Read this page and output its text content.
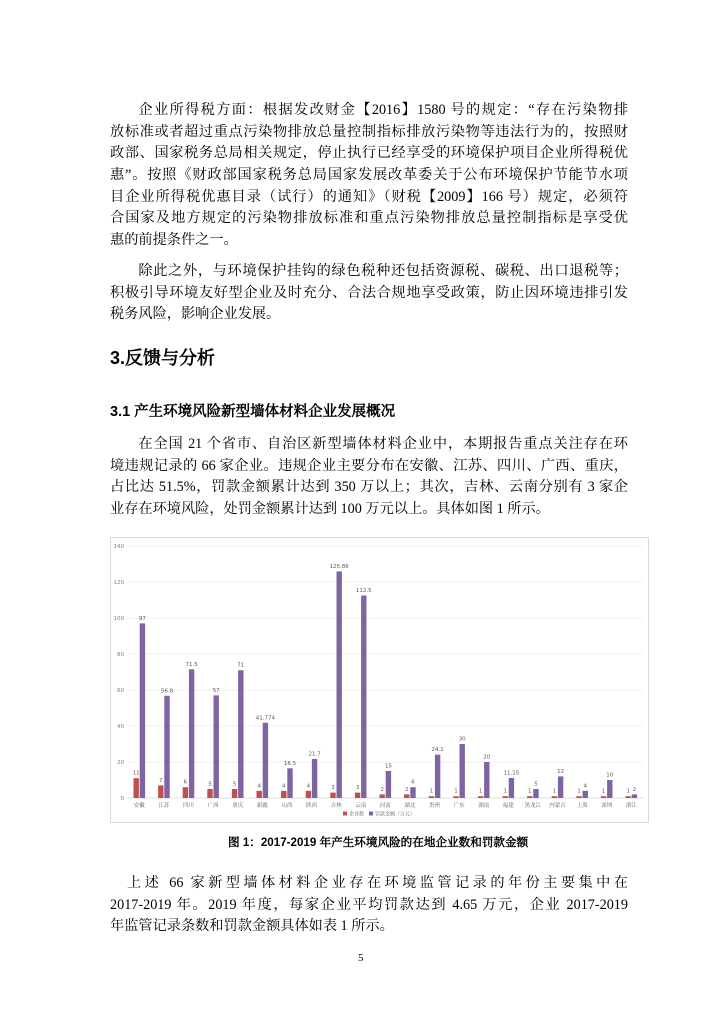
企业所得税方面：根据发改财金【2016】1580 号的规定：“存在污染物排
放标准或者超过重点污染物排放总量控制指标排放污染物等违法行为的，按照财
政部、国家税务总局相关规定，停止执行已经享受的环境保护项目企业所得税优
惠”。按照《财政部国家税务总局国家发展改革委关于公布环境保护节能节水项
目企业所得税优惠目录（试行）的通知》（财税【2009】166 号）规定，必须符
合国家及地方规定的污染物排放标准和重点污染物排放总量控制指标是享受优
惠的前提条件之一。
除此之外，与环境保护挂钩的绿色税种还包括资源税、碳税、出口退税等；
积极引导环境友好型企业及时充分、合法合规地享受政策，防止因环境违排引发
税务风险，影响企业发展。
3.反馈与分析
3.1 产生环境风险新型墙体材料企业发展概况
在全国 21 个省市、自治区新型墙体材料企业中，本期报告重点关注存在环
境违规记录的 66 家企业。违规企业主要分布在安徽、江苏、四川、广西、重庆，
占比达 51.5%，罚款金额累计达到 350 万以上；其次，吉林、云南分别有 3 家企
业存在环境风险，处罚金额累计达到 100 万元以上。具体如图 1 所示。
0
20
40
60
80
100
120
140
11
7	6	5	5	4	4	4	3	3	2	2	1	1	1	1	1	1	1	1	1
97
56.8
71.5
57
71
41.774
16.5
21.7
125.86
112.5
15
6
24.1
30
20
11.15
5
12
4
10
2
安徽 江苏 四川 广西 重庆 新疆 山西 陕西 吉林 云南 河南 湖北 贵州 广东 湖南 福建 黑龙江 内蒙古 上海 深圳 浙江
企业数 罚款金额（万元）
图 1：2017-2019 年产生环境风险的在地企业数和罚款金额
上述 66 家新型墙体材料企业存在环境监管记录的年份主要集中在
2017-2019 年。2019 年度，每家企业平均罚款达到 4.65 万元，企业 2017-2019
年监管记录条数和罚款金额具体如表 1 所示。
5
